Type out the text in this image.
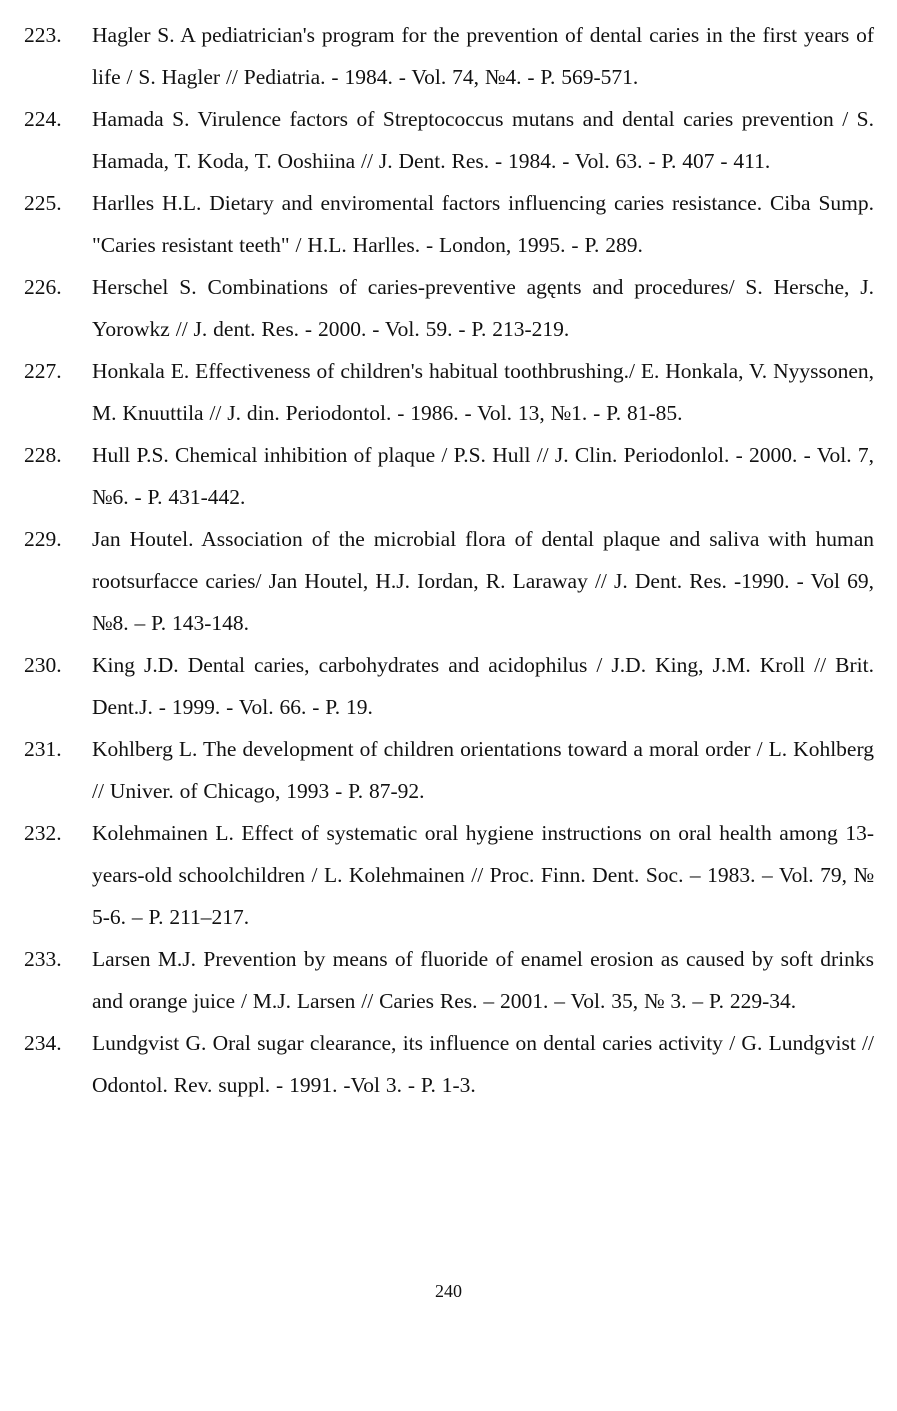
223.	Hagler S. A pediatrician's program for the prevention of dental caries in the first years of life / S. Hagler // Pediatria. - 1984. - Vol. 74, №4. - P. 569-571.
224.	Hamada S. Virulence factors of Streptococcus mutans and dental caries prevention / S. Hamada, T. Koda, T. Ooshiina // J. Dent. Res. - 1984. - Vol. 63. - P. 407 - 411.
225.	Harlles H.L. Dietary and enviromental factors influencing caries resistance. Ciba Sump. "Caries resistant teeth" / H.L. Harlles. - London, 1995. - P. 289.
226.	Herschel S. Combinations of caries-preventive agęnts and procedures/ S. Hersche, J. Yorowkz // J. dent. Res. - 2000. - Vol. 59. - P. 213-219.
227.	Honkala E. Effectiveness of children's habitual toothbrushing./ E. Honkala, V. Nyyssonen, M. Knuuttila // J. din. Periodontol. - 1986. - Vol. 13, №1. - P. 81-85.
228.	Hull P.S. Chemical inhibition of plaque / P.S. Hull // J. Clin. Periodonlol. - 2000. - Vol. 7, №6. - P. 431-442.
229.	Jan Houtel. Association of the microbial flora of dental plaque and saliva with human rootsurfacce caries/ Jan Houtel, H.J. Iordan, R. Laraway // J. Dent. Res. -1990. - Vol 69, №8. – P. 143-148.
230.	King J.D. Dental caries, carbohydrates and acidophilus / J.D. King, J.M. Kroll // Brit. Dent.J. - 1999. - Vol. 66. - P. 19.
231.	Kohlberg L. The development of children orientations toward a moral order / L. Kohlberg // Univer. of Chicago, 1993 - P. 87-92.
232.	Kolehmainen L. Effect of systematic oral hygiene instructions on oral health among 13-years-old schoolchildren / L. Kolehmainen // Proc. Finn. Dent. Soc. – 1983. – Vol. 79, № 5-6. – P. 211–217.
233.	Larsen M.J. Prevention by means of fluoride of enamel erosion as caused by soft drinks and orange juice / M.J. Larsen // Caries Res. – 2001. – Vol. 35, № 3. – P. 229-34.
234.	Lundgvist G. Oral sugar clearance, its influence on dental caries activity / G. Lundgvist // Odontol. Rev. suppl. - 1991. -Vol 3. - P. 1-3.
240
